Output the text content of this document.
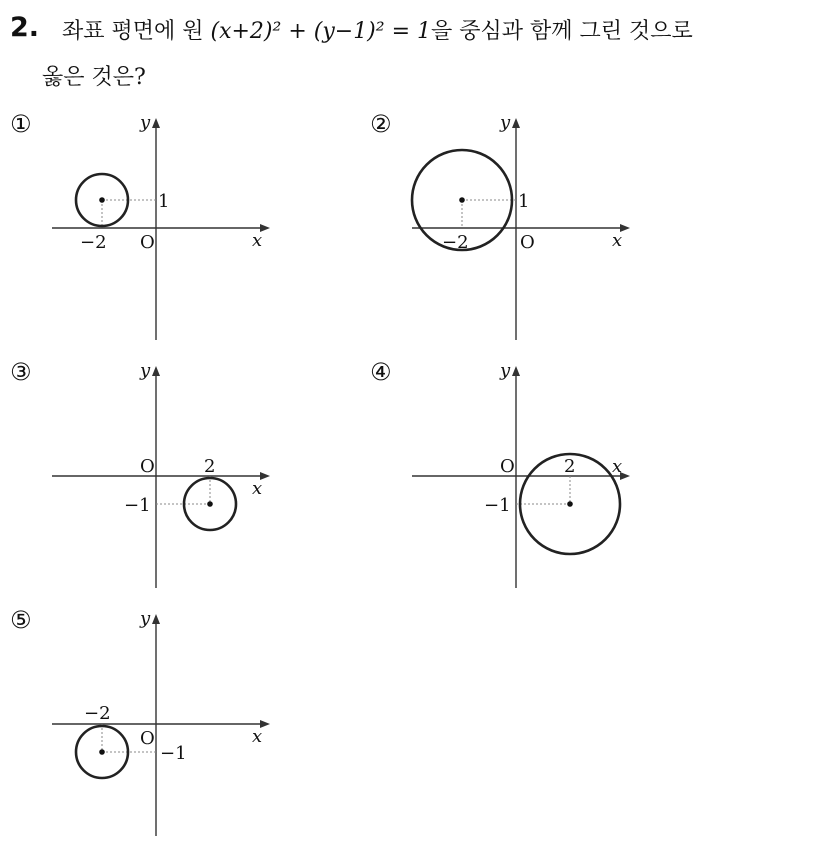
2. 좌표 평면에 원 (x+2)² + (y−1)² = 1을 중심과 함께 그린 것으로
옳은 것은?
①	y
x
O
1
−2
②	y
x
O
1
−2
③	y
x
O	2
−1
④	y
x
O	2
−1
⑤	y
x
O
−2
−1
